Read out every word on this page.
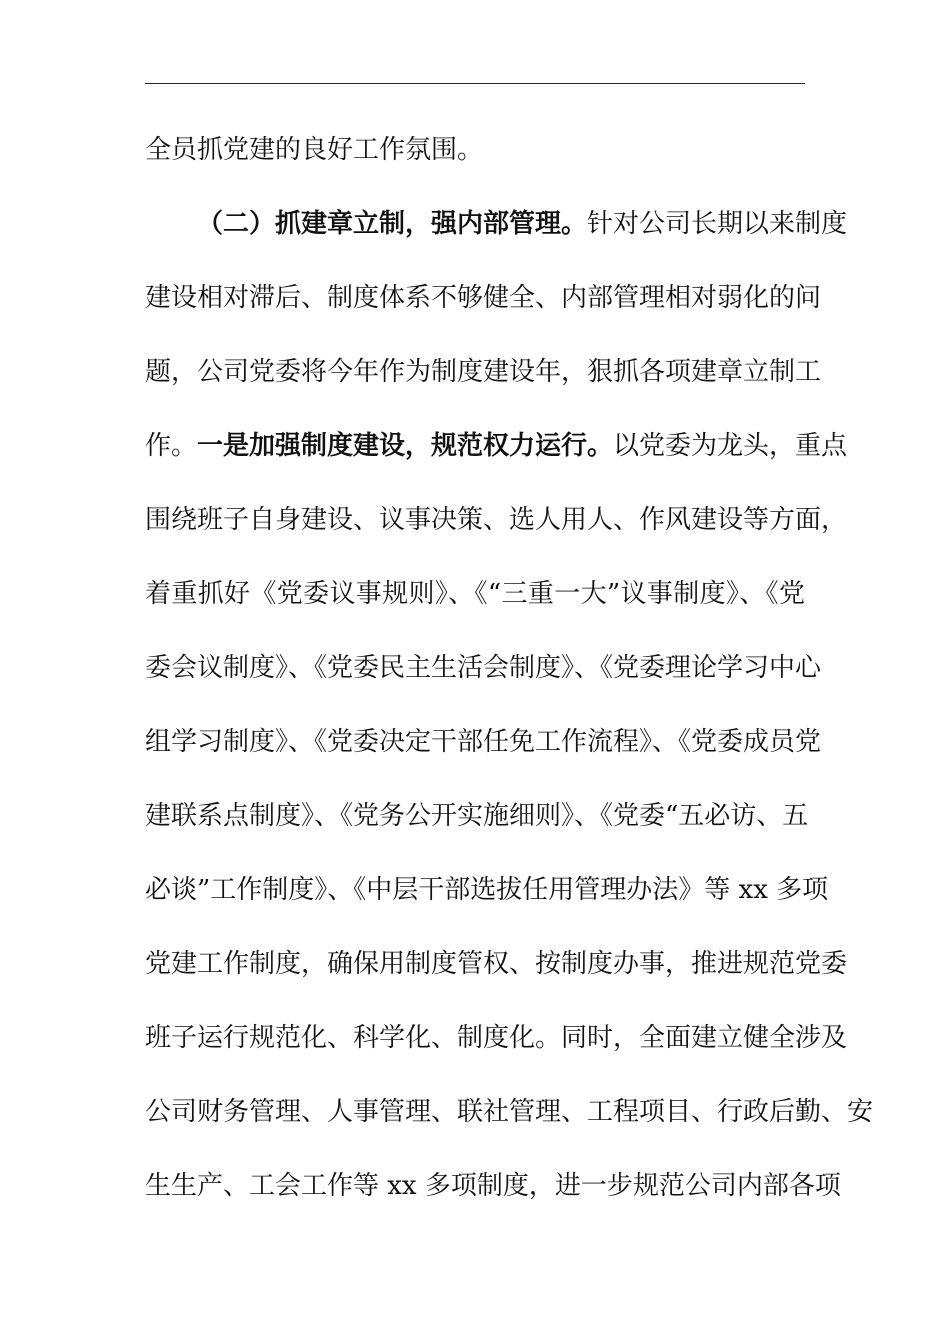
全员抓党建的良好工作氛围。
（二）抓建章立制，强内部管理。针对公司长期以来制度
建设相对滞后、制度体系不够健全、内部管理相对弱化的问
题，公司党委将今年作为制度建设年，狠抓各项建章立制工
作。一是加强制度建设，规范权力运行。以党委为龙头，重点
围绕班子自身建设、议事决策、选人用人、作风建设等方面，
着重抓好《党委议事规则》、《“三重一大”议事制度》、《党
委会议制度》、《党委民主生活会制度》、《党委理论学习中心
组学习制度》、《党委决定干部任免工作流程》、《党委成员党
建联系点制度》、《党务公开实施细则》、《党委“五必访、五
必谈”工作制度》、《中层干部选拔任用管理办法》等 xx 多项
党建工作制度，确保用制度管权、按制度办事，推进规范党委
班子运行规范化、科学化、制度化。同时，全面建立健全涉及
公司财务管理、人事管理、联社管理、工程项目、行政后勤、安
生生产、工会工作等 xx 多项制度，进一步规范公司内部各项
